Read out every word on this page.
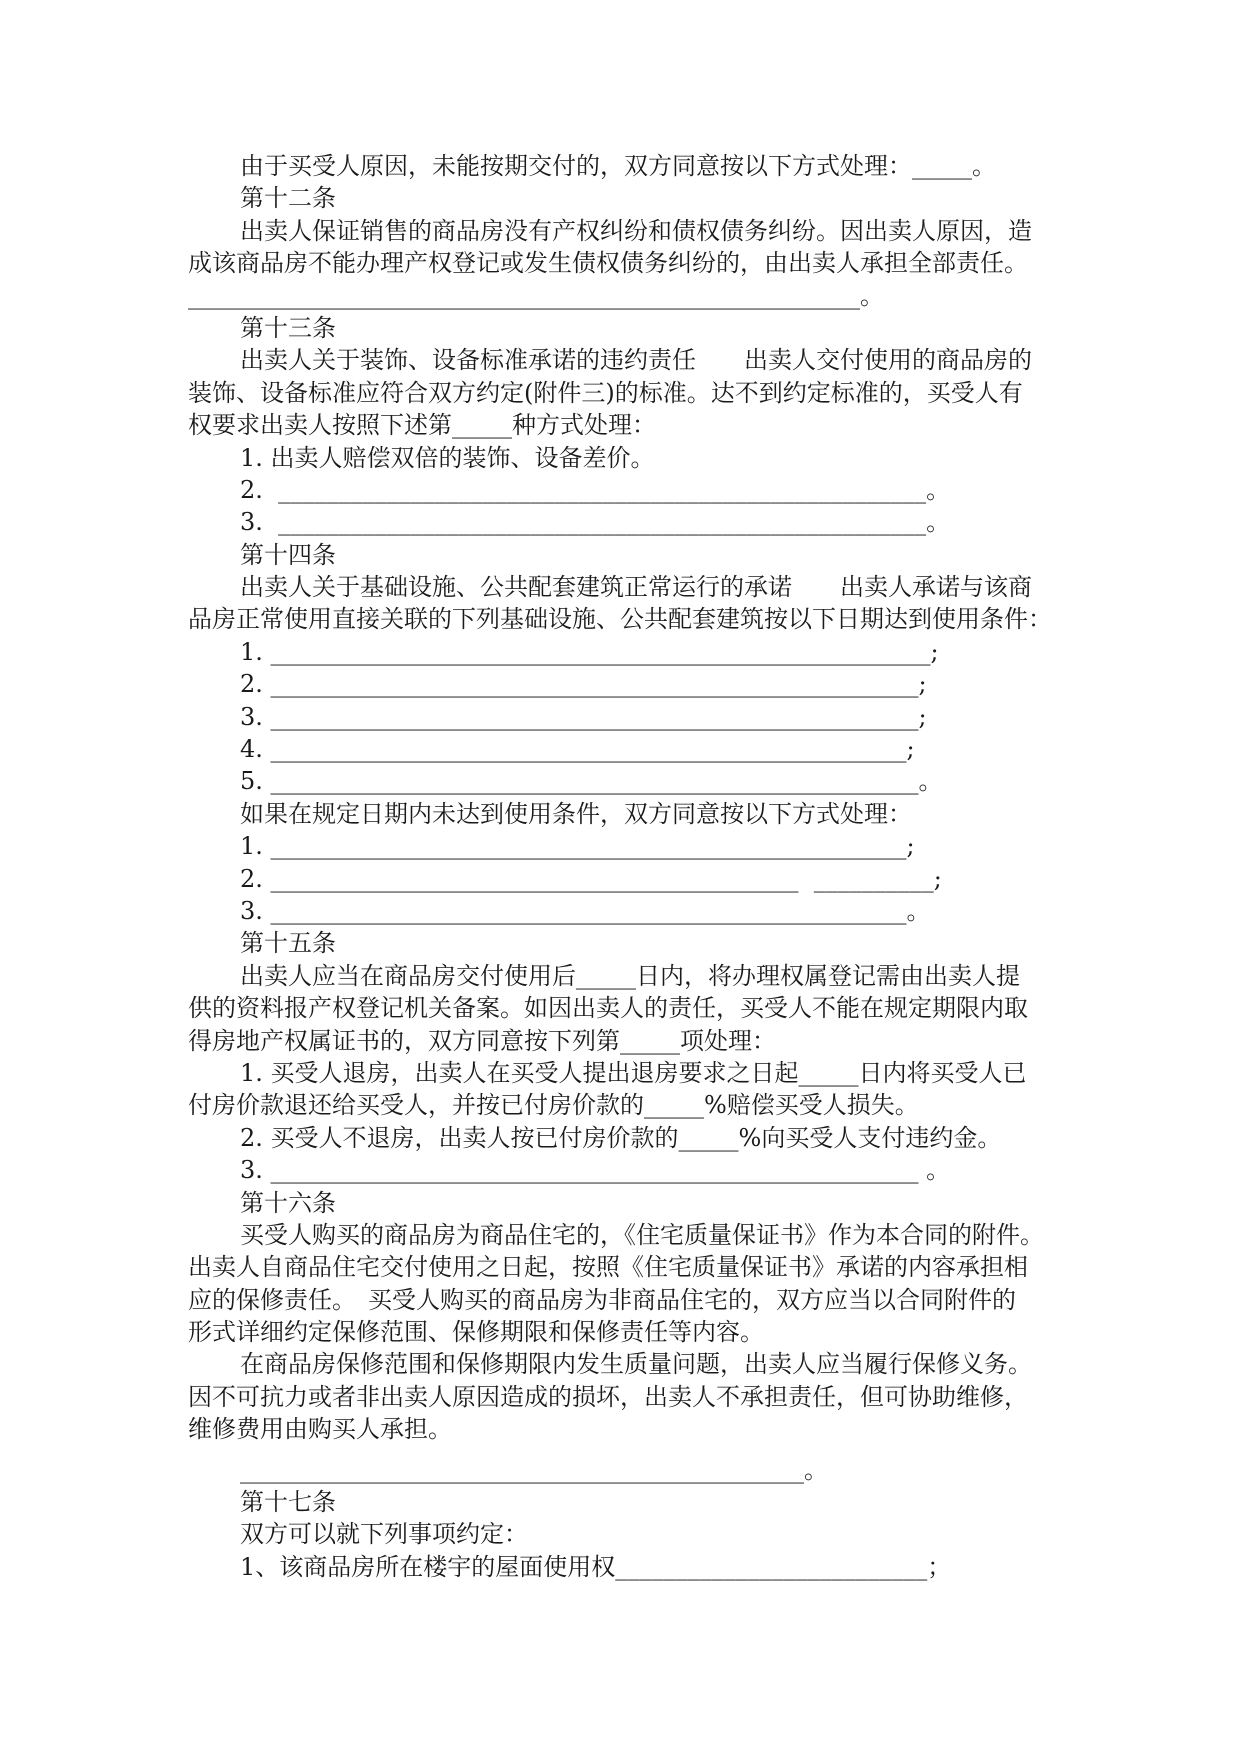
由于买受人原因，未能按期交付的，双方同意按以下方式处理：_____。
第十二条
出卖人保证销售的商品房没有产权纠纷和债权债务纠纷。因出卖人原因，造
成该商品房不能办理产权登记或发生债权债务纠纷的，由出卖人承担全部责任。
________________________________________________________。
第十三条
出卖人关于装饰、设备标准承诺的违约责任　　出卖人交付使用的商品房的
装饰、设备标准应符合双方约定(附件三)的标准。达不到约定标准的，买受人有
权要求出卖人按照下述第_____种方式处理：
1. 出卖人赔偿双倍的装饰、设备差价。
2.  ______________________________________________________。
3.  ______________________________________________________。
第十四条
出卖人关于基础设施、公共配套建筑正常运行的承诺　　出卖人承诺与该商
品房正常使用直接关联的下列基础设施、公共配套建筑按以下日期达到使用条件：
1. _______________________________________________________;
2. ______________________________________________________;
3. ______________________________________________________;
4. _____________________________________________________;
5. ______________________________________________________。
如果在规定日期内未达到使用条件，双方同意按以下方式处理：
1. _____________________________________________________;
2. ____________________________________________  __________;
3. _____________________________________________________。
第十五条
出卖人应当在商品房交付使用后_____日内，将办理权属登记需由出卖人提
供的资料报产权登记机关备案。如因出卖人的责任，买受人不能在规定期限内取
得房地产权属证书的，双方同意按下列第_____项处理：
1. 买受人退房，出卖人在买受人提出退房要求之日起_____日内将买受人已
付房价款退还给买受人，并按已付房价款的_____%赔偿买受人损失。
2. 买受人不退房，出卖人按已付房价款的_____%向买受人支付违约金。
3. ______________________________________________________ 。
第十六条
买受人购买的商品房为商品住宅的，《住宅质量保证书》作为本合同的附件。
出卖人自商品住宅交付使用之日起，按照《住宅质量保证书》承诺的内容承担相
应的保修责任。　买受人购买的商品房为非商品住宅的，双方应当以合同附件的
形式详细约定保修范围、保修期限和保修责任等内容。
在商品房保修范围和保修期限内发生质量问题，出卖人应当履行保修义务。
因不可抗力或者非出卖人原因造成的损坏，出卖人不承担责任，但可协助维修，
维修费用由购买人承担。
_______________________________________________。
第十七条
双方可以就下列事项约定：
1、该商品房所在楼宇的屋面使用权__________________________；
